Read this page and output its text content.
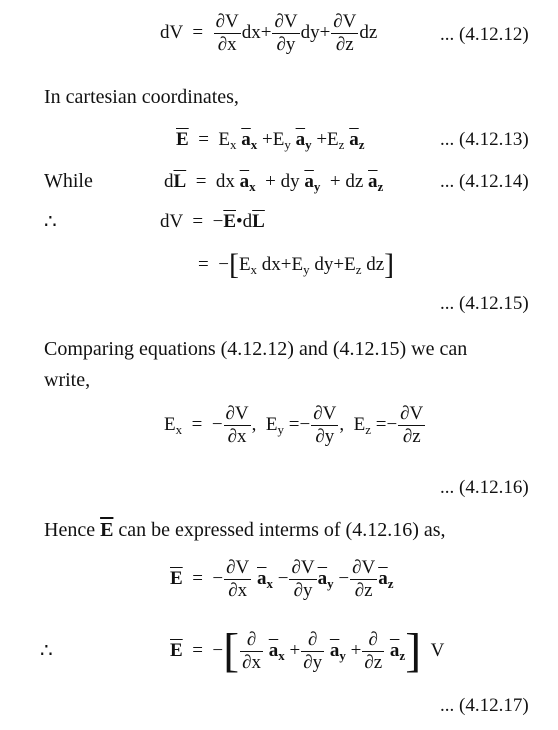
dV  = $\frac{\partial V}{\partial x} dx+ \frac{\partial V}{\partial y} dy+ \frac{\partial V}{\partial z}$ dz	... (4.12.12)
In cartesian coordinates,
$\overline{E} = E_x$ $\overline{a}_x +E_y$ $\overline{a}_y +E_z$ $\overline{a}_z$	... (4.12.13)
While	$d\overline{L}$  =  dx $\overline{a}_x$  + dy $\overline{a}_y$  + dz $\overline{a}_z$	... (4.12.14)
∴	dV  =  $-\overline{E}•d\overline{L}$
=  $-[E_x$ $dx+E_y$ $dy+E_z$ dz]
... (4.12.15)
Comparing equations (4.12.12) and (4.12.15) we can
write,
$E_x$  =  − $\frac{\partial V}{\partial x}$ ,  $E_y =- \frac{\partial V}{\partial y}$ ,  $E_z =- \frac{\partial V}{\partial z}$
... (4.12.16)
Hence $\overline{E}$ can be expressed interms of (4.12.16) as,
$\overline{E}$  =  − $\frac{\partial V}{\partial x} \overline{a}_x - \frac{\partial V}{\partial y} \overline{a}_y - \frac{\partial V}{\partial z} \overline{a}_z$
∴	$\overline{E}$  =  −[ $\frac{\partial}{\partial x} \overline{a}_x + \frac{\partial}{\partial y} \overline{a}_y + \frac{\partial}{\partial z} \overline{a}_z$] V
... (4.12.17)
